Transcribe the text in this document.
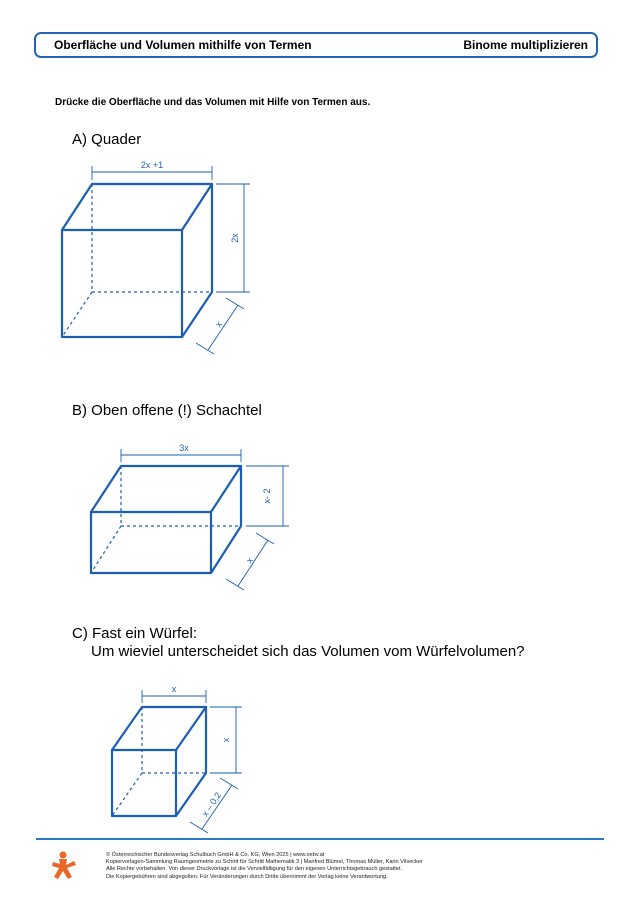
Oberfläche und Volumen mithilfe von Termen	Binome multiplizieren
Drücke die Oberfläche und das Volumen mit Hilfe von Termen aus.
A) Quader
2x +1
2x
x
B) Oben offene (!) Schachtel
3x
x- 2
x
C) Fast ein Würfel:
Um wieviel unterscheidet sich das Volumen vom Würfelvolumen?
x
x
x – 0,2
© Österreichischer Bundesverlag Schulbuch GmbH & Co. KG, Wien 2025 | www.oebv.at
Kopiervorlagen-Sammlung Raumgeometrie zu Schritt für Schritt Mathematik 3 | Manfred Blümel, Thomas Müller, Karin Vilsecker
Alle Rechte vorbehalten. Von dieser Druckvorlage ist die Vervielfältigung für den eigenen Unterrichtsgebrauch gestattet.
Die Kopiergebühren sind abgegolten. Für Veränderungen durch Dritte übernimmt der Verlag keine Verantwortung.
